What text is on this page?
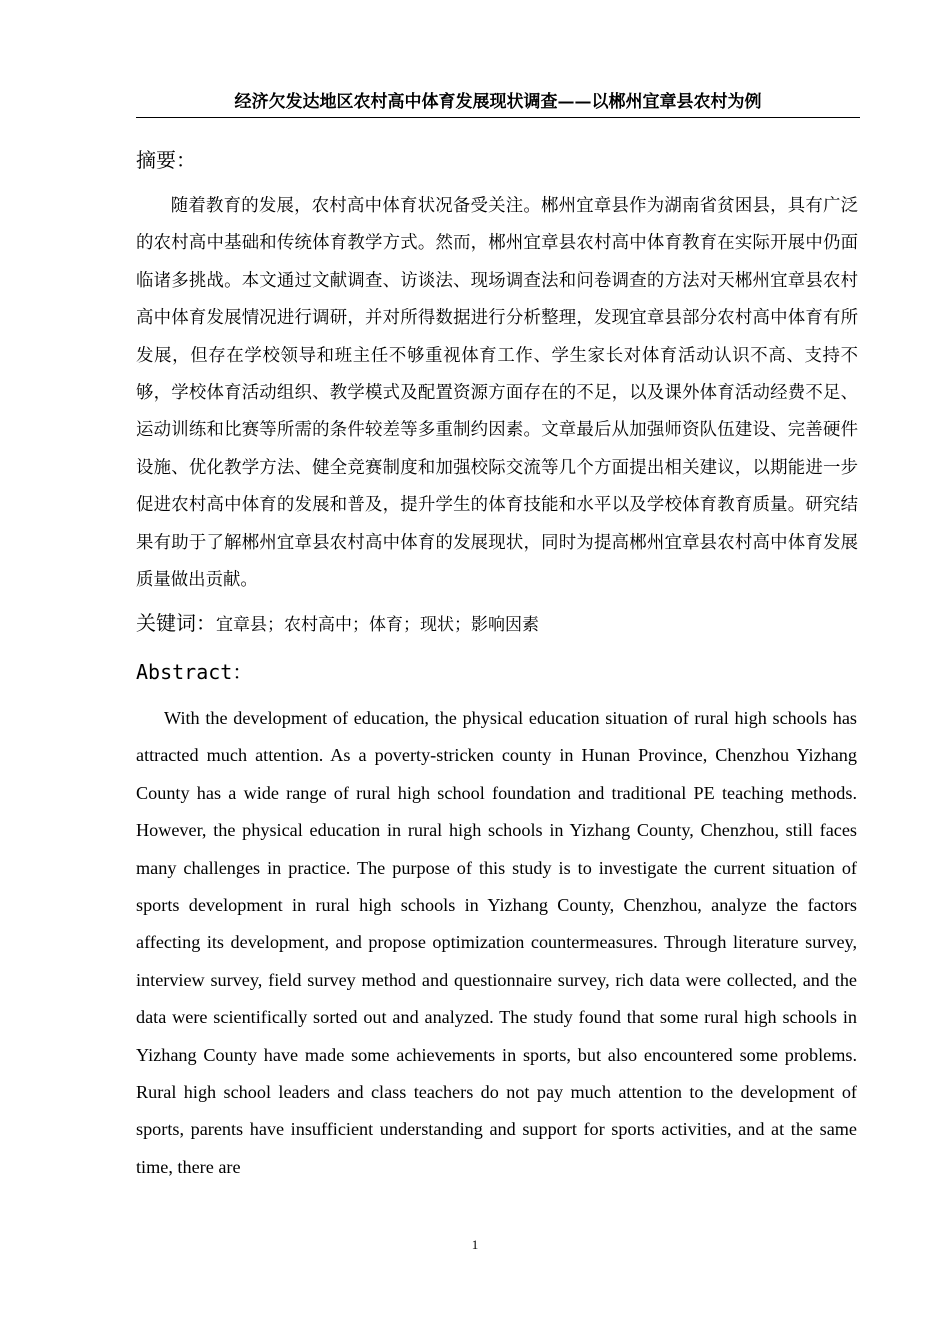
经济欠发达地区农村高中体育发展现状调查——以郴州宜章县农村为例
摘要：

随着教育的发展，农村高中体育状况备受关注。郴州宜章县作为湖南省贫困县，具有广泛的农村高中基础和传统体育教学方式。然而，郴州宜章县农村高中体育教育在实际开展中仍面临诸多挑战。本文通过文献调查、访谈法、现场调查法和问卷调查的方法对天郴州宜章县农村高中体育发展情况进行调研，并对所得数据进行分析整理，发现宜章县部分农村高中体育有所发展，但存在学校领导和班主任不够重视体育工作、学生家长对体育活动认识不高、支持不够，学校体育活动组织、教学模式及配置资源方面存在的不足，以及课外体育活动经费不足、运动训练和比赛等所需的条件较差等多重制约因素。文章最后从加强师资队伍建设、完善硬件设施、优化教学方法、健全竞赛制度和加强校际交流等几个方面提出相关建议，以期能进一步促进农村高中体育的发展和普及，提升学生的体育技能和水平以及学校体育教育质量。研究结果有助于了解郴州宜章县农村高中体育的发展现状，同时为提高郴州宜章县农村高中体育发展质量做出贡献。

关键词：宜章县；农村高中；体育；现状；影响因素
Abstract：

With the development of education, the physical education situation of rural high schools has attracted much attention. As a poverty-stricken county in Hunan Province, Chenzhou Yizhang County has a wide range of rural high school foundation and traditional PE teaching methods. However, the physical education in rural high schools in Yizhang County, Chenzhou, still faces many challenges in practice. The purpose of this study is to investigate the current situation of sports development in rural high schools in Yizhang County, Chenzhou, analyze the factors affecting its development, and propose optimization countermeasures. Through literature survey, interview survey, field survey method and questionnaire survey, rich data were collected, and the data were scientifically sorted out and analyzed. The study found that some rural high schools in Yizhang County have made some achievements in sports, but also encountered some problems. Rural high school leaders and class teachers do not pay much attention to the development of sports, parents have insufficient understanding and support for sports activities, and at the same time, there are

1
